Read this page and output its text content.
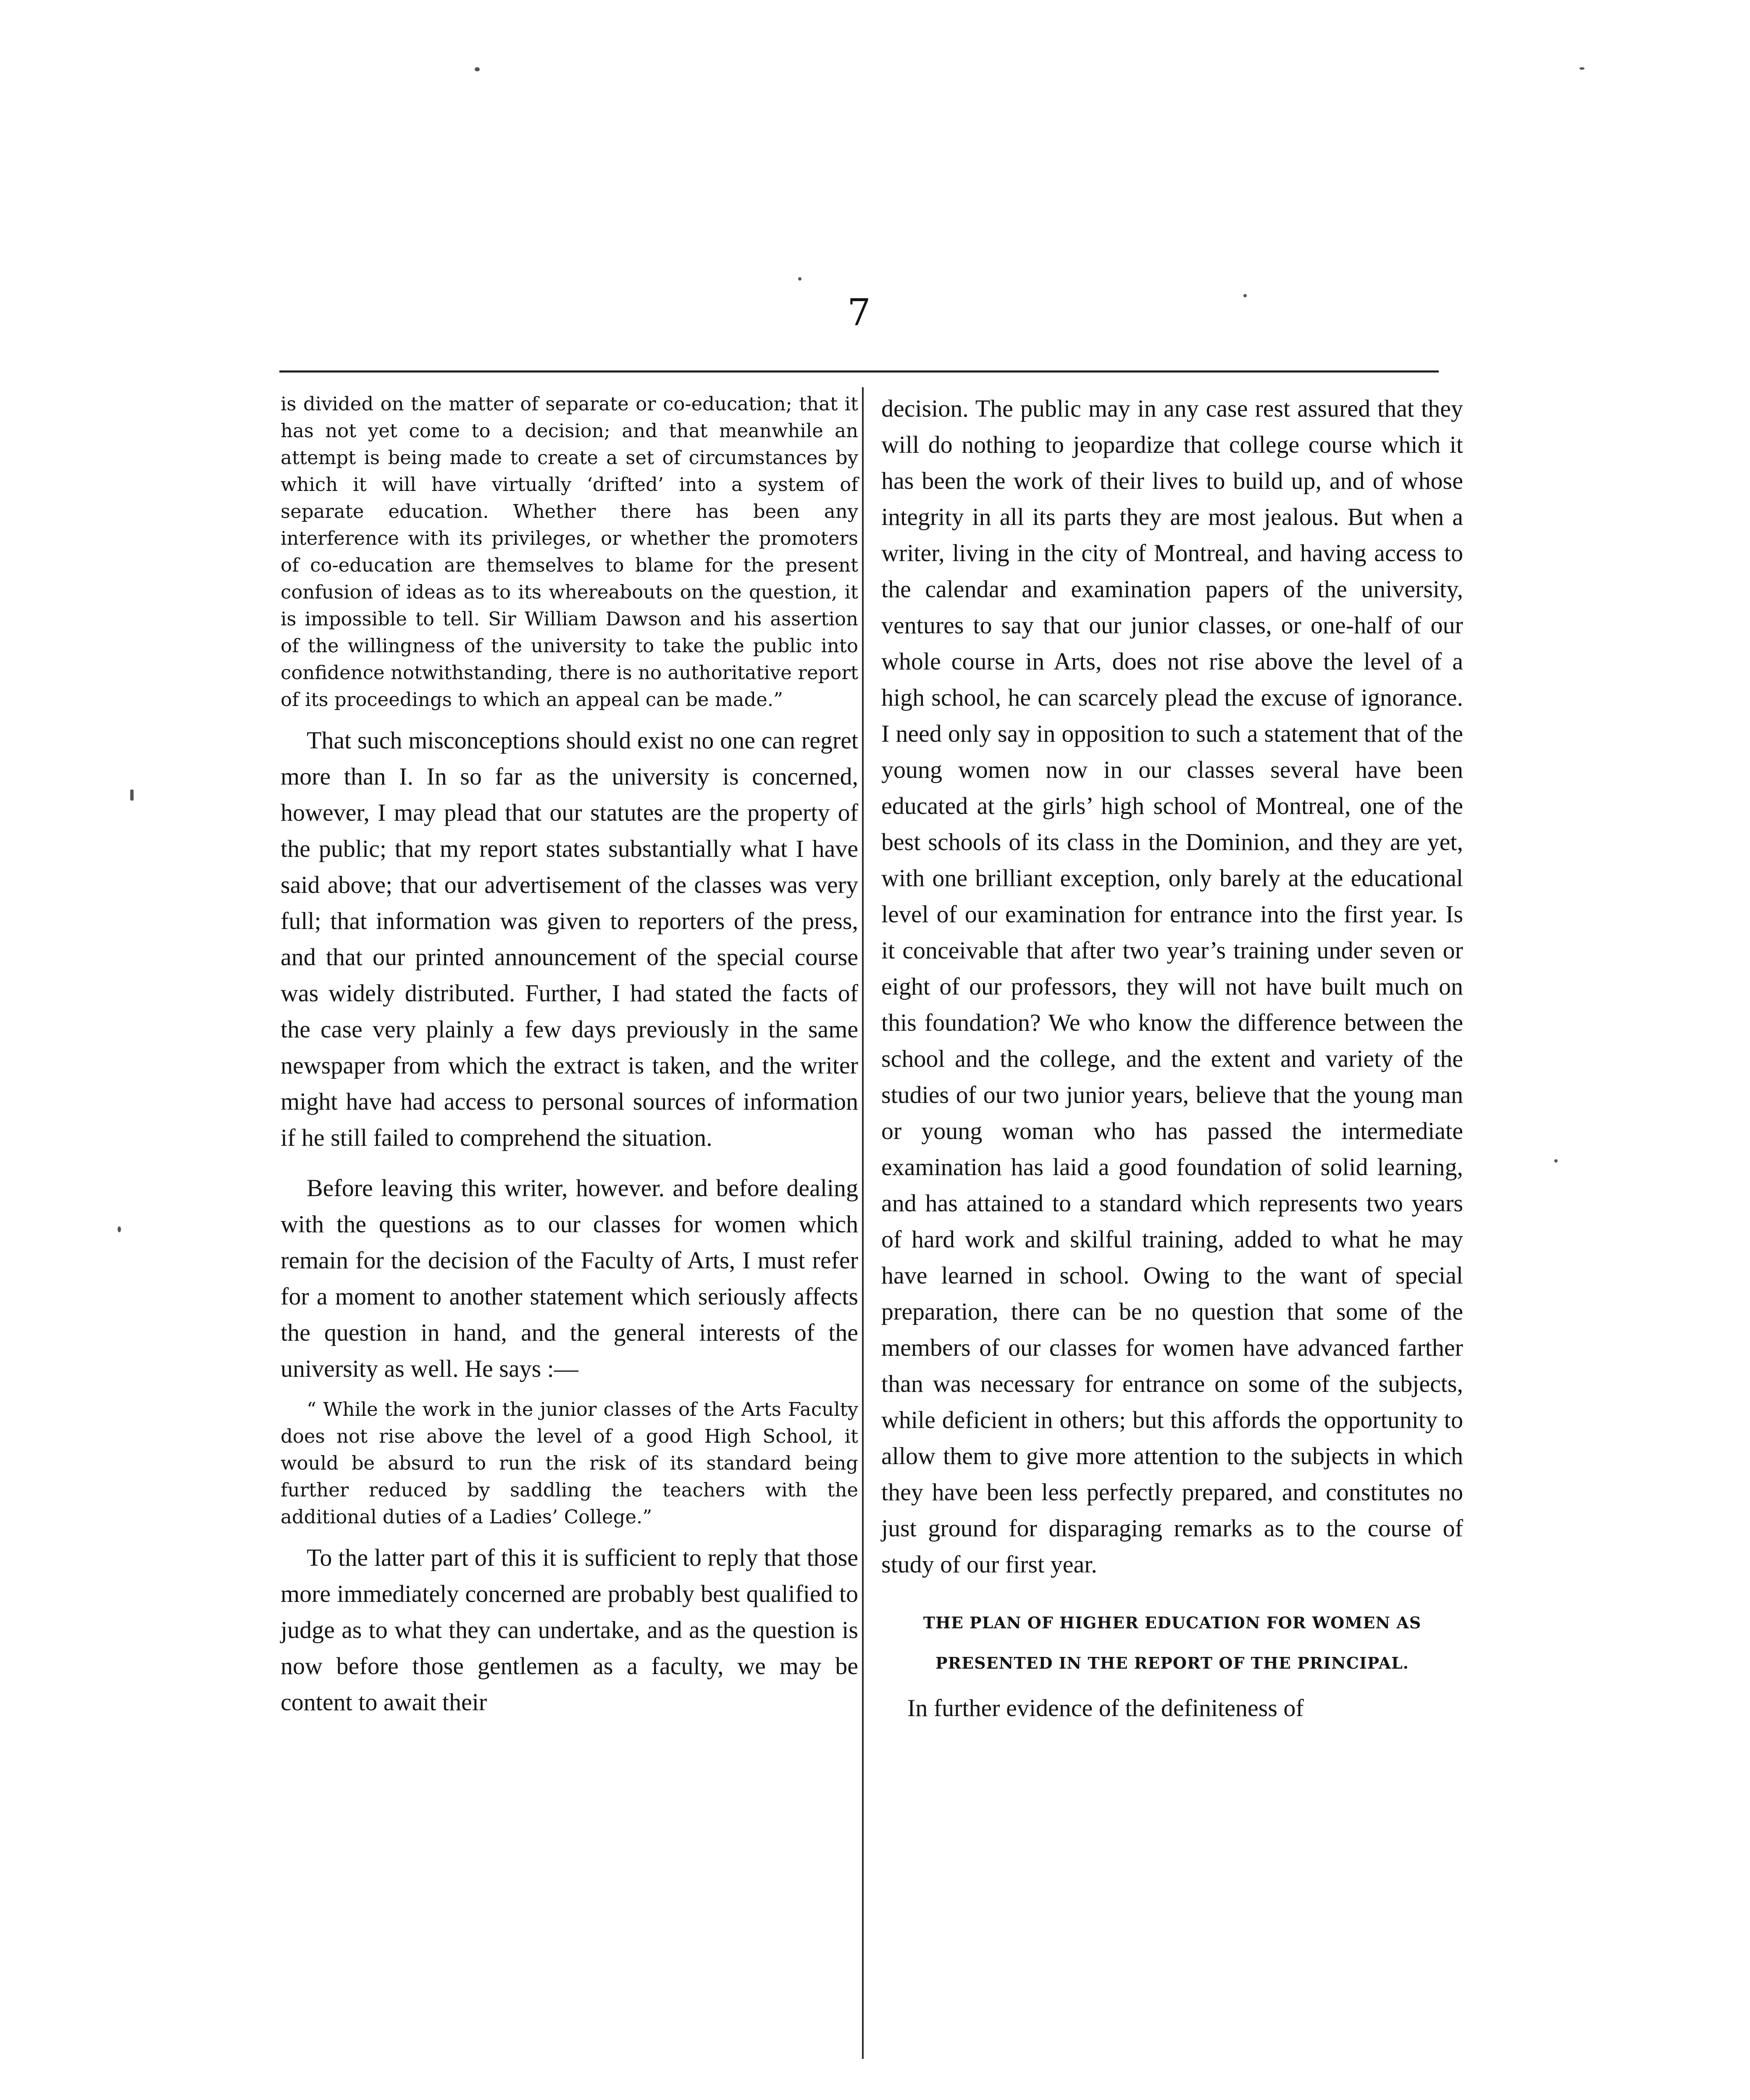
7

is divided on the matter of separate or co-education; that it has not yet come to a decision; and that meanwhile an attempt is being made to create a set of circumstances by which it will have virtually ‘drifted’ into a system of separate education. Whether there has been any interference with its privileges, or whether the promoters of co-education are themselves to blame for the present confusion of ideas as to its whereabouts on the question, it is impossible to tell. Sir William Dawson and his assertion of the willingness of the university to take the public into confidence notwithstanding, there is no authoritative report of its proceedings to which an appeal can be made.”

That such misconceptions should exist no one can regret more than I. In so far as the university is concerned, however, I may plead that our statutes are the property of the public; that my report states substantially what I have said above; that our advertisement of the classes was very full; that information was given to reporters of the press, and that our printed announcement of the special course was widely distributed. Further, I had stated the facts of the case very plainly a few days previously in the same newspaper from which the extract is taken, and the writer might have had access to personal sources of information if he still failed to comprehend the situation.

Before leaving this writer, however. and before dealing with the questions as to our classes for women which remain for the decision of the Faculty of Arts, I must refer for a moment to another statement which seriously affects the question in hand, and the general interests of the university as well. He says :—

“ While the work in the junior classes of the Arts Faculty does not rise above the level of a good High School, it would be absurd to run the risk of its standard being further reduced by saddling the teachers with the additional duties of a Ladies’ College.”

To the latter part of this it is sufficient to reply that those more immediately concerned are probably best qualified to judge as to what they can undertake, and as the question is now before those gentlemen as a faculty, we may be content to await their

decision. The public may in any case rest assured that they will do nothing to jeopardize that college course which it has been the work of their lives to build up, and of whose integrity in all its parts they are most jealous. But when a writer, living in the city of Montreal, and having access to the calendar and examination papers of the university, ventures to say that our junior classes, or one-half of our whole course in Arts, does not rise above the level of a high school, he can scarcely plead the excuse of ignorance. I need only say in opposition to such a statement that of the young women now in our classes several have been educated at the girls’ high school of Montreal, one of the best schools of its class in the Dominion, and they are yet, with one brilliant exception, only barely at the educational level of our examination for entrance into the first year. Is it conceivable that after two year’s training under seven or eight of our professors, they will not have built much on this foundation? We who know the difference between the school and the college, and the extent and variety of the studies of our two junior years, believe that the young man or young woman who has passed the intermediate examination has laid a good foundation of solid learning, and has attained to a standard which represents two years of hard work and skilful training, added to what he may have learned in school. Owing to the want of special preparation, there can be no question that some of the members of our classes for women have advanced farther than was necessary for entrance on some of the subjects, while deficient in others; but this affords the opportunity to allow them to give more attention to the subjects in which they have been less perfectly prepared, and constitutes no just ground for disparaging remarks as to the course of study of our first year.

THE PLAN OF HIGHER EDUCATION FOR WOMEN AS PRESENTED IN THE REPORT OF THE PRINCIPAL.

In further evidence of the definiteness of
